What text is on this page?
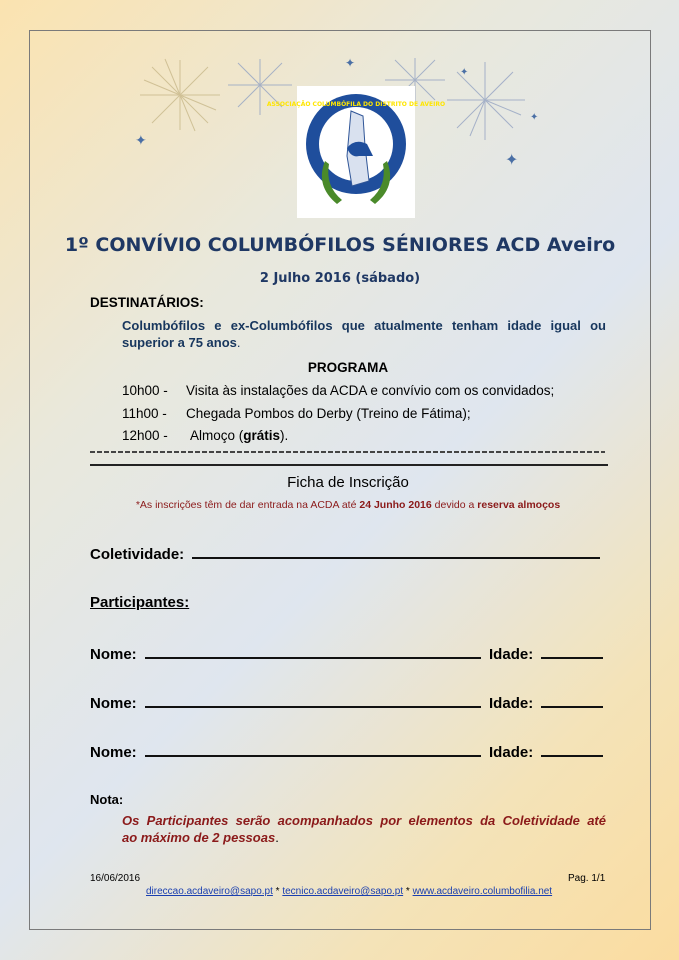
✦
✦
✦
✦
✦
ASSOCIAÇÃO COLUMBÓFILA DO DISTRITO DE AVEIRO
1º CONVÍVIO COLUMBÓFILOS SÉNIORES ACD Aveiro
2 Julho 2016 (sábado)
DESTINATÁRIOS:
Columbófilos e ex-Columbófilos que atualmente tenham idade igual ou
superior a 75 anos.
PROGRAMA
10h00 - Visita às instalações da ACDA e convívio com os convidados;
11h00 - Chegada Pombos do Derby (Treino de Fátima);
12h00 - Almoço (grátis).
Ficha de Inscrição
*As inscrições têm de dar entrada na ACDA até 24 Junho 2016 devido a reserva almoços
Coletividade:
Participantes:
Nome:	Idade:
Nome:	Idade:
Nome:	Idade:
Nota:
Os Participantes serão acompanhados por elementos da Coletividade até
ao máximo de 2 pessoas.
16/06/2016	Pag. 1/1
direccao.acdaveiro@sapo.pt * tecnico.acdaveiro@sapo.pt * www.acdaveiro.columbofilia.net
